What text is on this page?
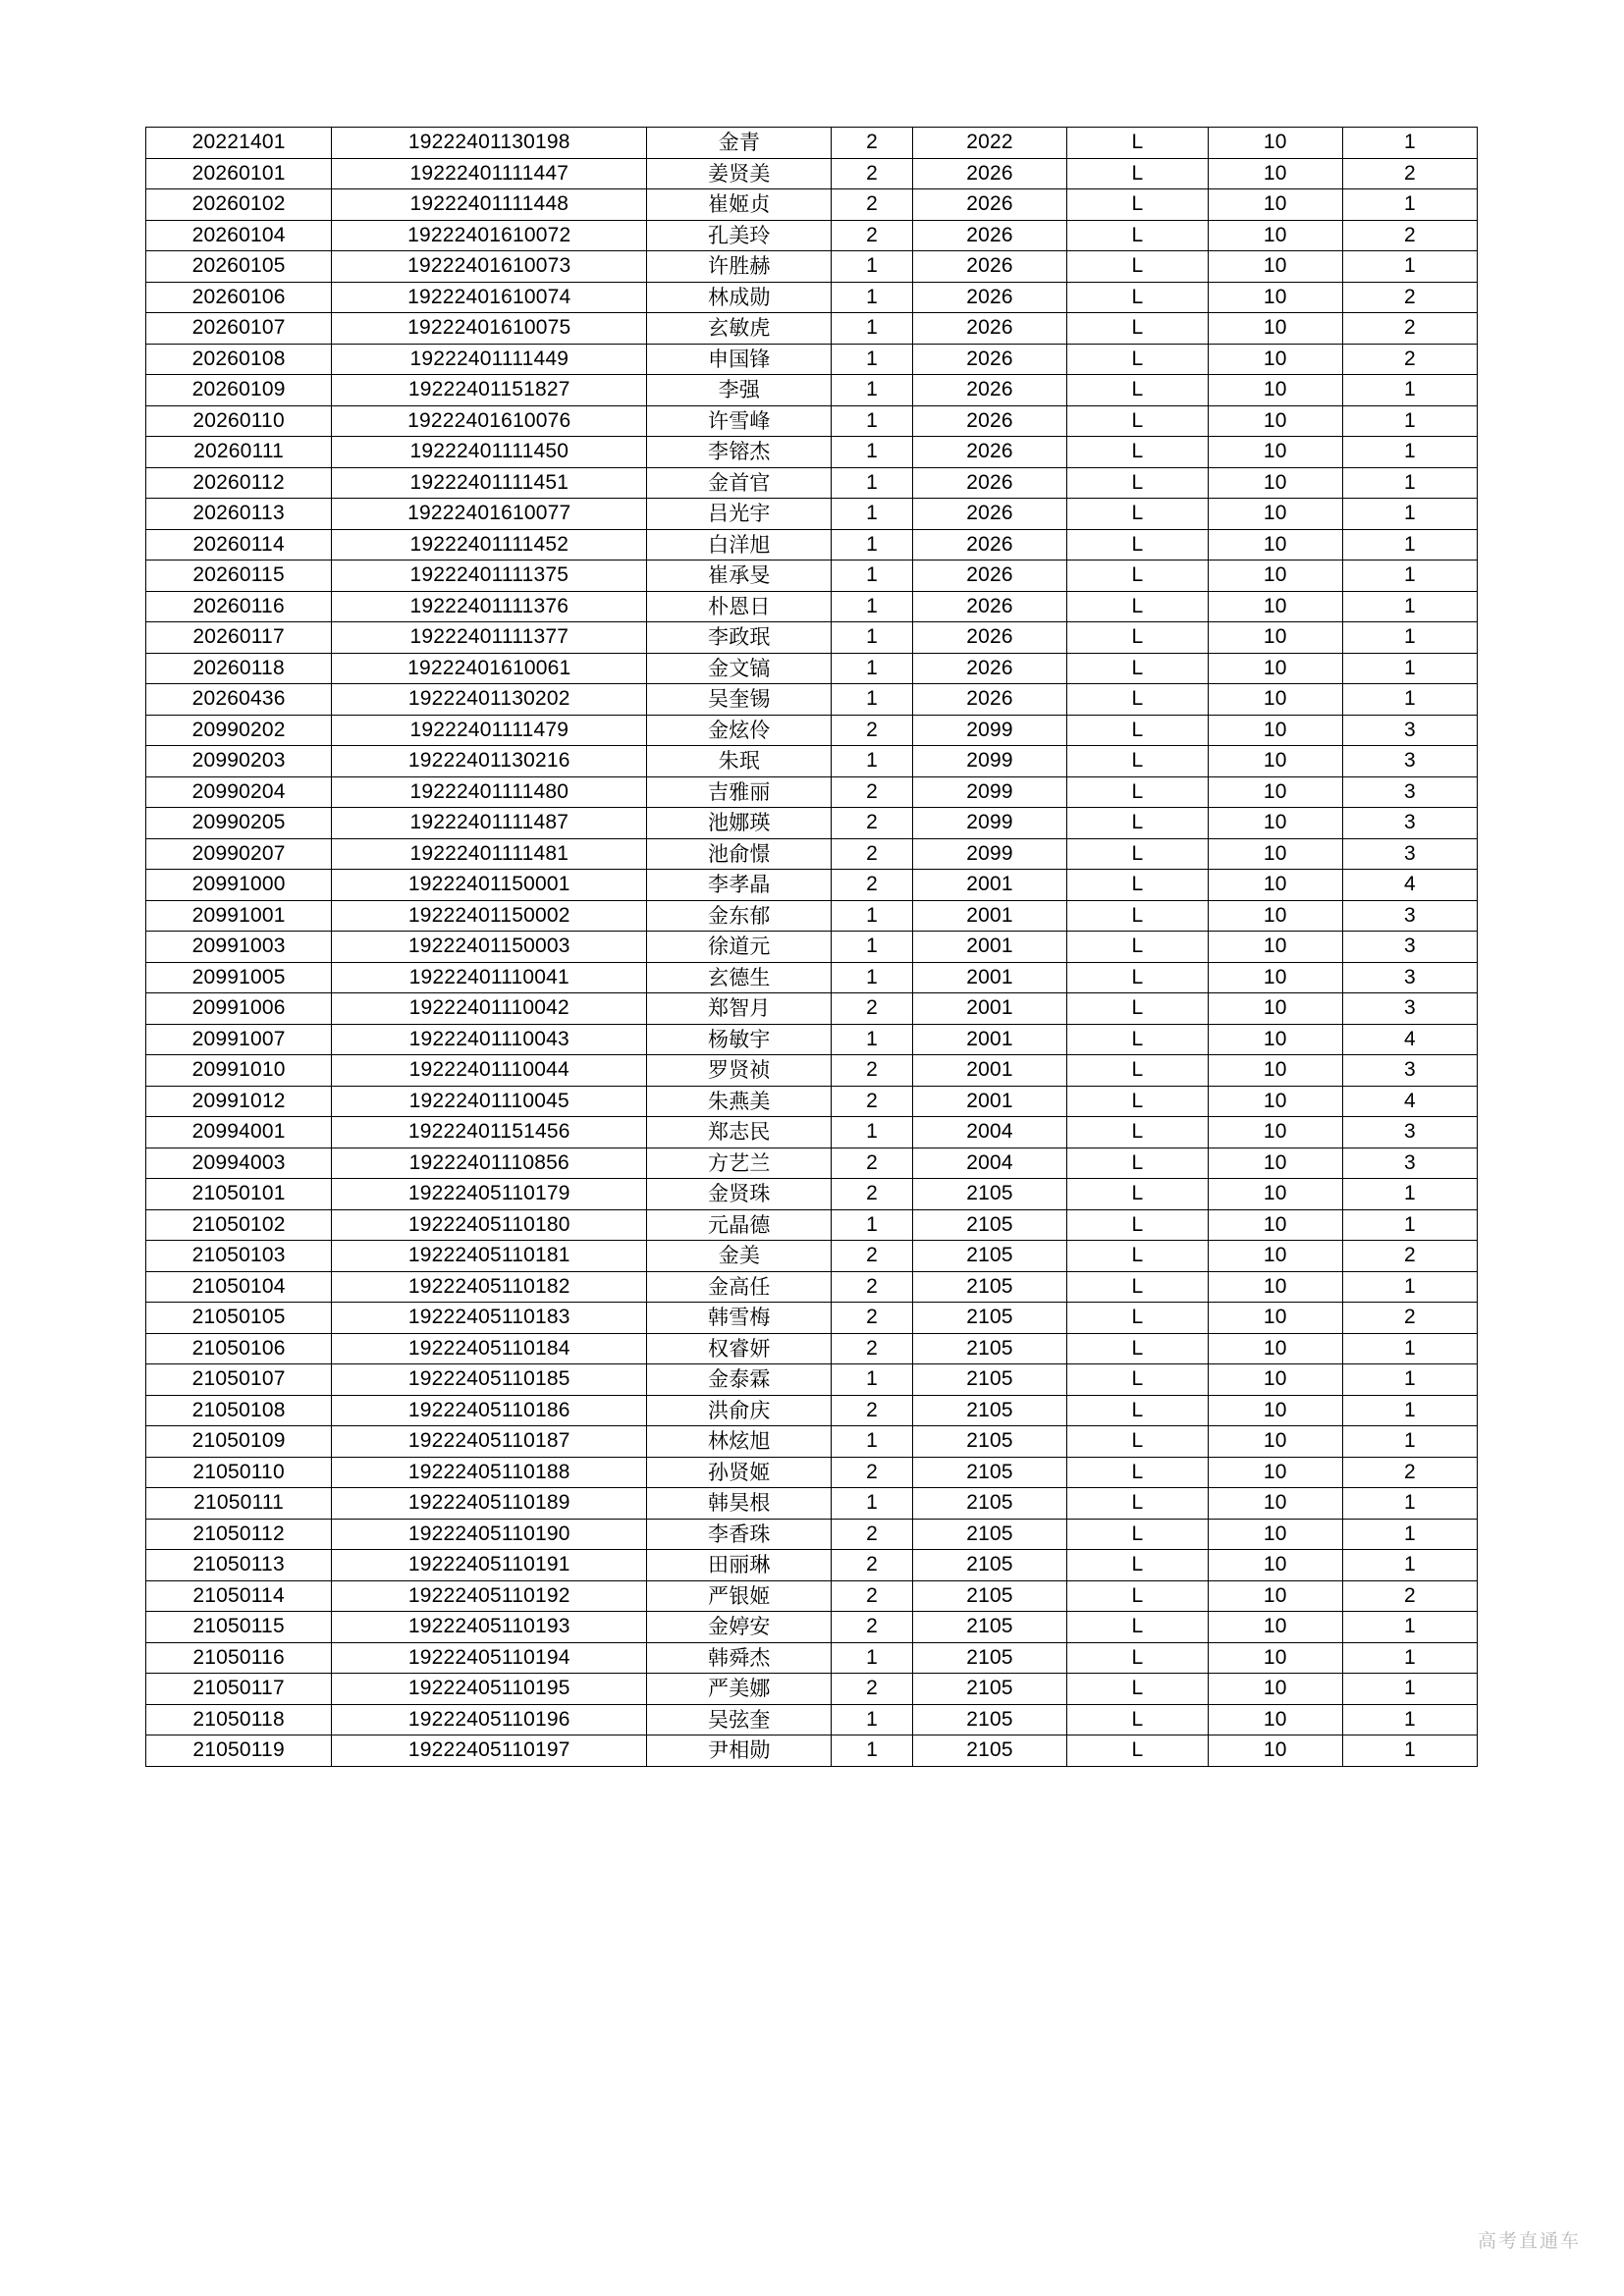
20221401	19222401130198	金青	2	2022	L	10	1
20260101	19222401111447	姜贤美	2	2026	L	10	2
20260102	19222401111448	崔姬贞	2	2026	L	10	1
20260104	19222401610072	孔美玲	2	2026	L	10	2
20260105	19222401610073	许胜赫	1	2026	L	10	1
20260106	19222401610074	林成勋	1	2026	L	10	2
20260107	19222401610075	玄敏虎	1	2026	L	10	2
20260108	19222401111449	申国锋	1	2026	L	10	2
20260109	19222401151827	李强	1	2026	L	10	1
20260110	19222401610076	许雪峰	1	2026	L	10	1
20260111	19222401111450	李镕杰	1	2026	L	10	1
20260112	19222401111451	金首官	1	2026	L	10	1
20260113	19222401610077	吕光宇	1	2026	L	10	1
20260114	19222401111452	白洋旭	1	2026	L	10	1
20260115	19222401111375	崔承旻	1	2026	L	10	1
20260116	19222401111376	朴恩日	1	2026	L	10	1
20260117	19222401111377	李政珉	1	2026	L	10	1
20260118	19222401610061	金文镐	1	2026	L	10	1
20260436	19222401130202	吴奎锡	1	2026	L	10	1
20990202	19222401111479	金炫伶	2	2099	L	10	3
20990203	19222401130216	朱珉	1	2099	L	10	3
20990204	19222401111480	吉雅丽	2	2099	L	10	3
20990205	19222401111487	池娜瑛	2	2099	L	10	3
20990207	19222401111481	池俞憬	2	2099	L	10	3
20991000	19222401150001	李孝晶	2	2001	L	10	4
20991001	19222401150002	金东郁	1	2001	L	10	3
20991003	19222401150003	徐道元	1	2001	L	10	3
20991005	19222401110041	玄德生	1	2001	L	10	3
20991006	19222401110042	郑智月	2	2001	L	10	3
20991007	19222401110043	杨敏宇	1	2001	L	10	4
20991010	19222401110044	罗贤祯	2	2001	L	10	3
20991012	19222401110045	朱燕美	2	2001	L	10	4
20994001	19222401151456	郑志民	1	2004	L	10	3
20994003	19222401110856	方艺兰	2	2004	L	10	3
21050101	19222405110179	金贤珠	2	2105	L	10	1
21050102	19222405110180	元晶德	1	2105	L	10	1
21050103	19222405110181	金美	2	2105	L	10	2
21050104	19222405110182	金高任	2	2105	L	10	1
21050105	19222405110183	韩雪梅	2	2105	L	10	2
21050106	19222405110184	权睿妍	2	2105	L	10	1
21050107	19222405110185	金泰霖	1	2105	L	10	1
21050108	19222405110186	洪俞庆	2	2105	L	10	1
21050109	19222405110187	林炫旭	1	2105	L	10	1
21050110	19222405110188	孙贤姬	2	2105	L	10	2
21050111	19222405110189	韩昊根	1	2105	L	10	1
21050112	19222405110190	李香珠	2	2105	L	10	1
21050113	19222405110191	田丽琳	2	2105	L	10	1
21050114	19222405110192	严银姬	2	2105	L	10	2
21050115	19222405110193	金婷安	2	2105	L	10	1
21050116	19222405110194	韩舜杰	1	2105	L	10	1
21050117	19222405110195	严美娜	2	2105	L	10	1
21050118	19222405110196	吴弦奎	1	2105	L	10	1
21050119	19222405110197	尹相勋	1	2105	L	10	1
高考直通车
